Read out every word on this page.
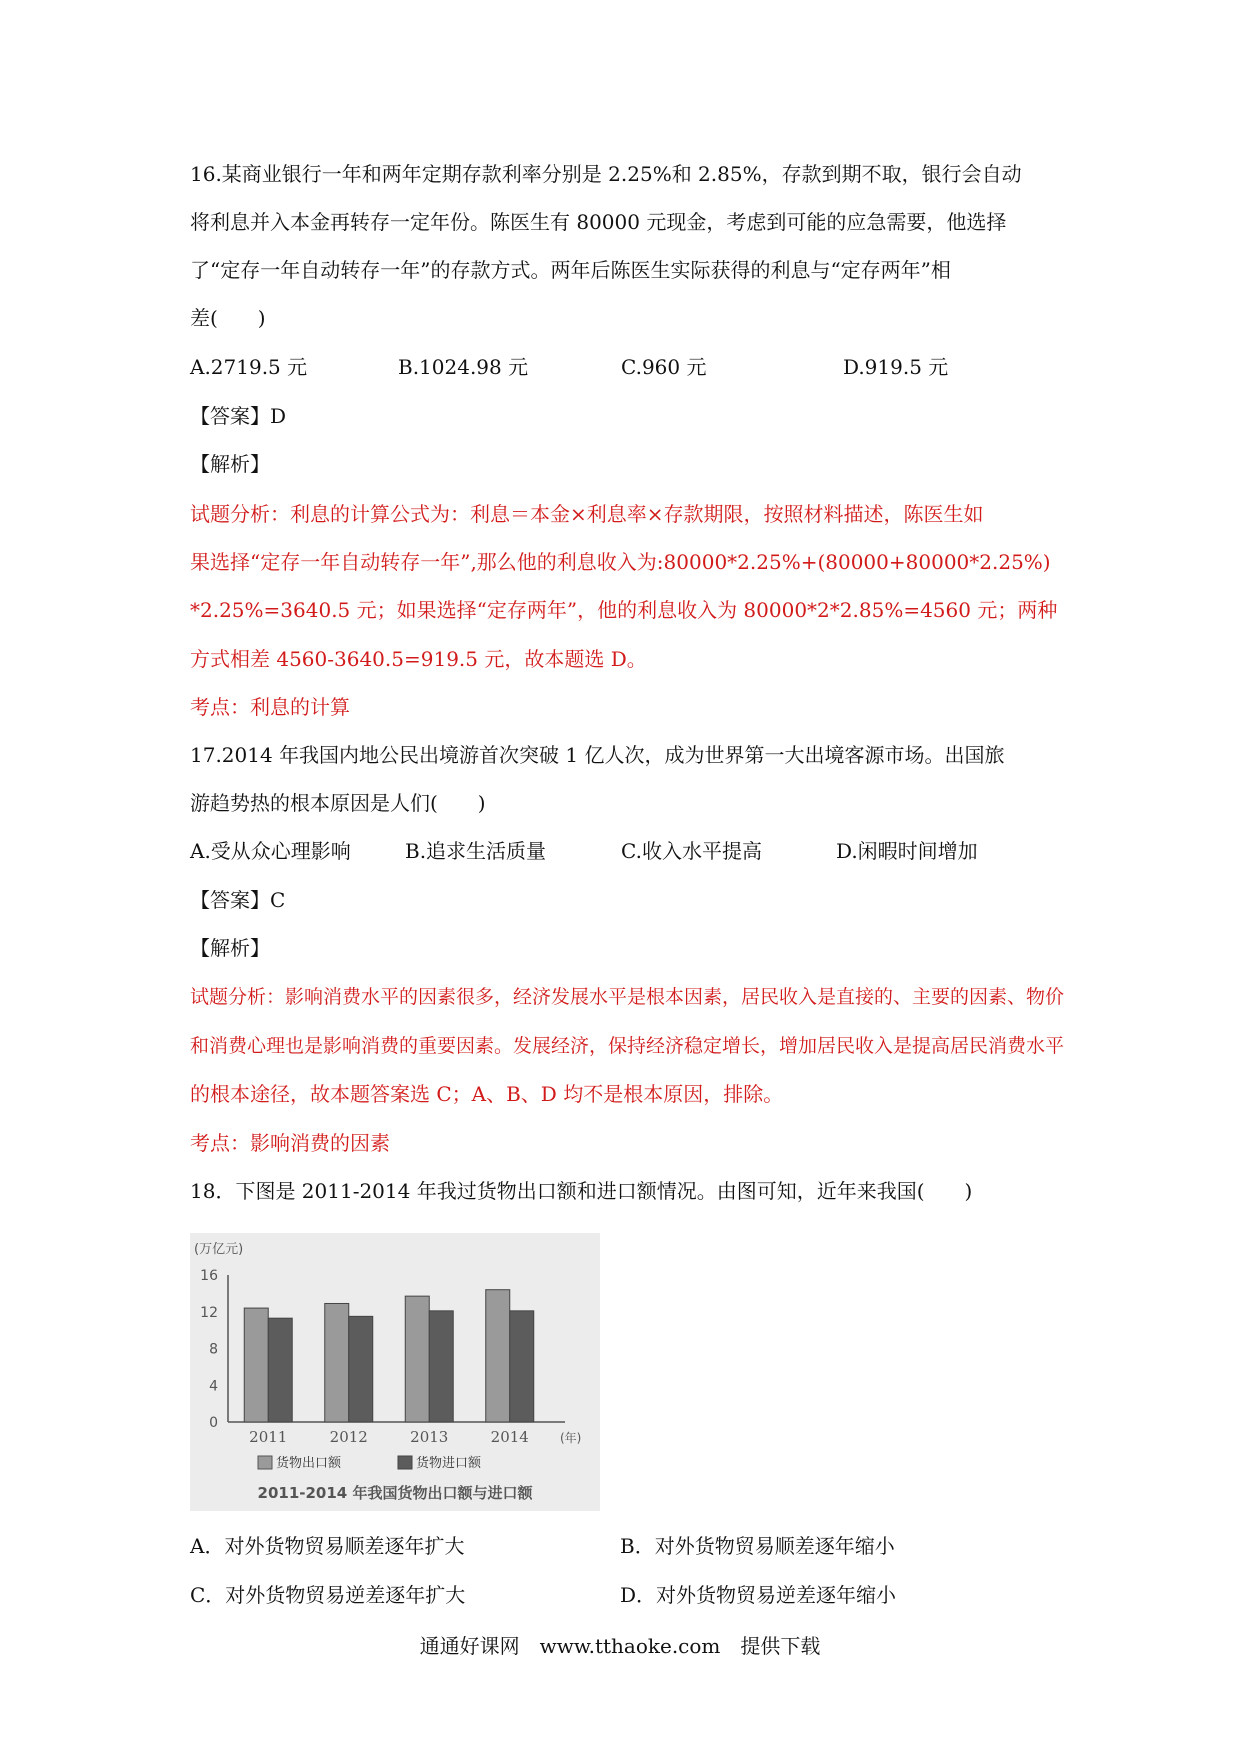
16.某商业银行一年和两年定期存款利率分别是 2.25%和 2.85%，存款到期不取，银行会自动
将利息并入本金再转存一定年份。陈医生有 80000 元现金，考虑到可能的应急需要，他选择
了“定存一年自动转存一年”的存款方式。两年后陈医生实际获得的利息与“定存两年”相
差(　　)
A.2719.5 元	B.1024.98 元	C.960 元	D.919.5 元
【答案】D
【解析】
试题分析：利息的计算公式为：利息＝本金×利息率×存款期限，按照材料描述，陈医生如
果选择“定存一年自动转存一年”,那么他的利息收入为:80000*2.25%+(80000+80000*2.25%)
*2.25%=3640.5 元；如果选择“定存两年”，他的利息收入为 80000*2*2.85%=4560 元；两种
方式相差 4560-3640.5=919.5 元，故本题选 D。
考点：利息的计算
17.2014 年我国内地公民出境游首次突破 1 亿人次，成为世界第一大出境客源市场。出国旅
游趋势热的根本原因是人们(　　)
A.受从众心理影响	B.追求生活质量	C.收入水平提高	D.闲暇时间增加
【答案】C
【解析】
试题分析：影响消费水平的因素很多，经济发展水平是根本因素，居民收入是直接的、主要的因素、物价
和消费心理也是影响消费的重要因素。发展经济，保持经济稳定增长，增加居民收入是提高居民消费水平
的根本途径，故本题答案选 C；A、B、D 均不是根本原因，排除。
考点：影响消费的因素
18．下图是 2011-2014 年我过货物出口额和进口额情况。由图可知，近年来我国(　　)
(万亿元)
0
4
8
12
16
2011	2012	2013	2014	(年)
货物出口额	货物进口额
2011-2014 年我国货物出口额与进口额
A．对外货物贸易顺差逐年扩大	B．对外货物贸易顺差逐年缩小
C．对外货物贸易逆差逐年扩大	D．对外货物贸易逆差逐年缩小
通通好课网　www.tthaoke.com　提供下载
